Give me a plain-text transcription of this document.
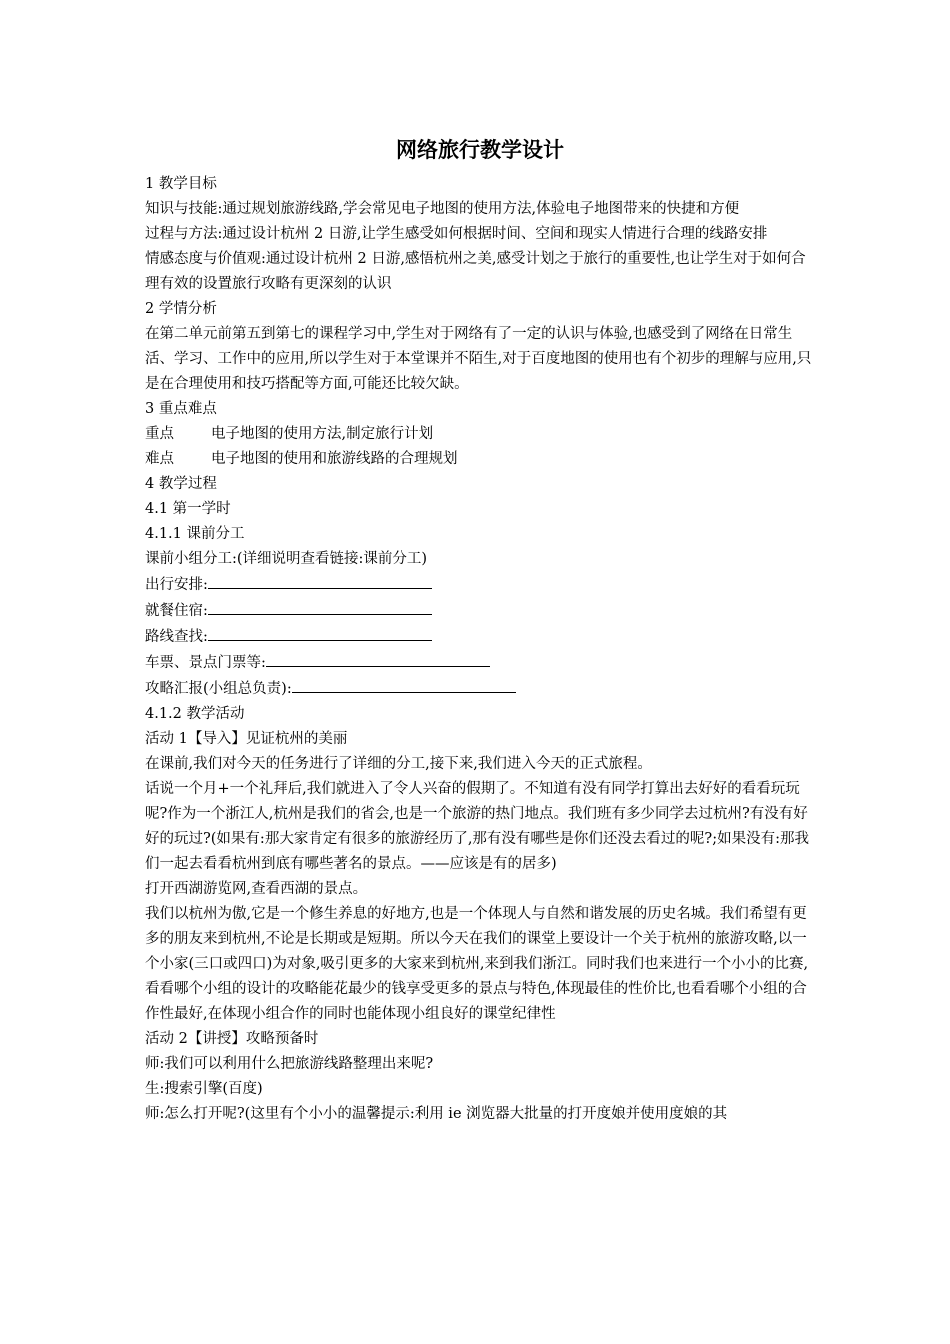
网络旅行教学设计

1 教学目标

知识与技能:通过规划旅游线路,学会常见电子地图的使用方法,体验电子地图带来的快捷和方便

过程与方法:通过设计杭州 2 日游,让学生感受如何根据时间、空间和现实人情进行合理的线路安排

情感态度与价值观:通过设计杭州 2 日游,感悟杭州之美,感受计划之于旅行的重要性,也让学生对于如何合理有效的设置旅行攻略有更深刻的认识

2 学情分析

在第二单元前第五到第七的课程学习中,学生对于网络有了一定的认识与体验,也感受到了网络在日常生活、学习、工作中的应用,所以学生对于本堂课并不陌生,对于百度地图的使用也有个初步的理解与应用,只是在合理使用和技巧搭配等方面,可能还比较欠缺。

3 重点难点

重点	电子地图的使用方法,制定旅行计划

难点	电子地图的使用和旅游线路的合理规划

4 教学过程

4.1 第一学时

4.1.1 课前分工

课前小组分工:(详细说明查看链接:课前分工)

出行安排:

就餐住宿:

路线查找:

车票、景点门票等:

攻略汇报(小组总负责):

4.1.2 教学活动

活动 1【导入】见证杭州的美丽

在课前,我们对今天的任务进行了详细的分工,接下来,我们进入今天的正式旅程。

话说一个月+一个礼拜后,我们就进入了令人兴奋的假期了。不知道有没有同学打算出去好好的看看玩玩呢?作为一个浙江人,杭州是我们的省会,也是一个旅游的热门地点。我们班有多少同学去过杭州?有没有好好的玩过?(如果有:那大家肯定有很多的旅游经历了,那有没有哪些是你们还没去看过的呢?;如果没有:那我们一起去看看杭州到底有哪些著名的景点。——应该是有的居多)

打开西湖游览网,查看西湖的景点。

我们以杭州为傲,它是一个修生养息的好地方,也是一个体现人与自然和谐发展的历史名城。我们希望有更多的朋友来到杭州,不论是长期或是短期。所以今天在我们的课堂上要设计一个关于杭州的旅游攻略,以一个小家(三口或四口)为对象,吸引更多的大家来到杭州,来到我们浙江。同时我们也来进行一个小小的比赛,看看哪个小组的设计的攻略能花最少的钱享受更多的景点与特色,体现最佳的性价比,也看看哪个小组的合作性最好,在体现小组合作的同时也能体现小组良好的课堂纪律性

活动 2【讲授】攻略预备时

师:我们可以利用什么把旅游线路整理出来呢?

生:搜索引擎(百度)

师:怎么打开呢?(这里有个小小的温馨提示:利用 ie 浏览器大批量的打开度娘并使用度娘的其
